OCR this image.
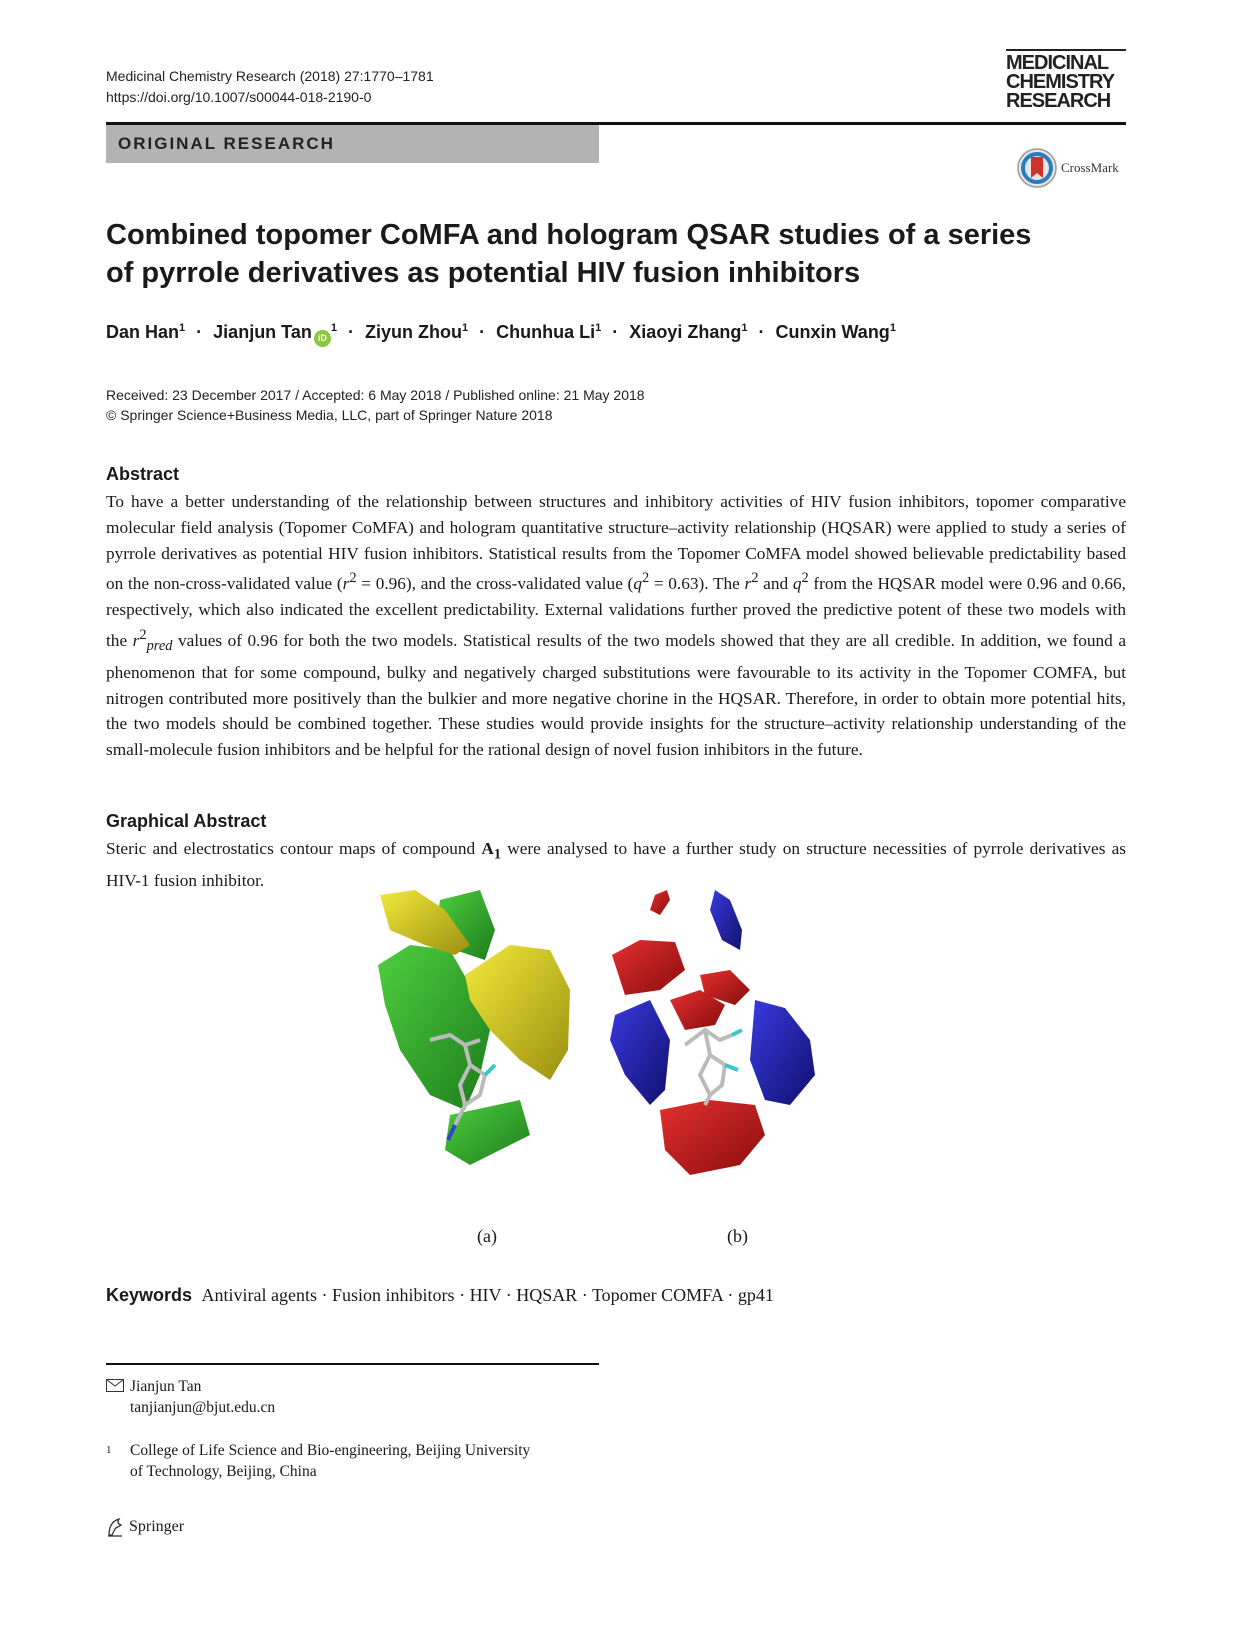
Medicinal Chemistry Research (2018) 27:1770–1781
https://doi.org/10.1007/s00044-018-2190-0
MEDICINAL
CHEMISTRY
RESEARCH
ORIGINAL RESEARCH
CrossMark
Combined topomer CoMFA and hologram QSAR studies of a series
of pyrrole derivatives as potential HIV fusion inhibitors
Dan Han$^1$ · Jianjun Tan $iD^1$ · Ziyun Zhou$^1$ · Chunhua $Li^1$ · Xiaoyi Zhang$^1$ · Cunxin Wang$^1$
Received: 23 December 2017 / Accepted: 6 May 2018 / Published online: 21 May 2018
© Springer Science+Business Media, LLC, part of Springer Nature 2018
Abstract
To have a better understanding of the relationship between structures and inhibitory activities of HIV fusion inhibitors, topomer comparative molecular field analysis (Topomer CoMFA) and hologram quantitative structure–activity relationship (HQSAR) were applied to study a series of pyrrole derivatives as potential HIV fusion inhibitors. Statistical results from the Topomer CoMFA model showed believable predictability based on the non-cross-validated value $(r^2 = 0.96)$, and the cross-validated value $(q^2 = 0.63)$. The $r^2$ and $q^2$ from the HQSAR model were 0.96 and 0.66, respectively, which also indicated the excellent predictability. External validations further proved the predictive potent of these two models with the $r^2_{pred}$ values of 0.96 for both the two models. Statistical results of the two models showed that they are all credible. In addition, we found a phenomenon that for some compound, bulky and negatively charged substitutions were favourable to its activity in the Topomer COMFA, but nitrogen contributed more positively than the bulkier and more negative chorine in the HQSAR. Therefore, in order to obtain more potential hits, the two models should be combined together. These studies would provide insights for the structure–activity relationship understanding of the small-molecule fusion inhibitors and be helpful for the rational design of novel fusion inhibitors in the future.
Graphical Abstract
Steric and electrostatics contour maps of compound $A_1$ were analysed to have a further study on structure necessities of pyrrole derivatives as HIV-1 fusion inhibitor.
(a)	(b)
Keywords Antiviral agents · Fusion inhibitors · HIV · HQSAR · Topomer COMFA · gp41
Jianjun Tan
tanjianjun@bjut.edu.cn
1	College of Life Science and Bio-engineering, Beijing University
of Technology, Beijing, China
Springer
